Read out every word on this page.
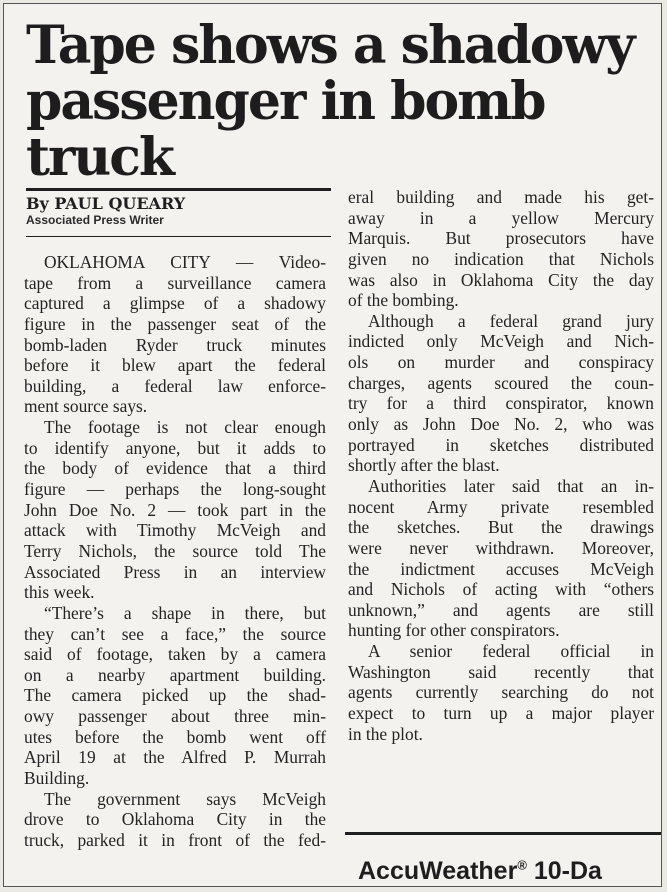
Tape shows a shadowy
passenger in bomb truck
By PAUL QUEARY
Associated Press Writer
OKLAHOMA CITY — Video-
tape from a surveillance camera
captured a glimpse of a shadowy
figure in the passenger seat of the
bomb-laden Ryder truck minutes
before it blew apart the federal
building, a federal law enforce-
ment source says.
The footage is not clear enough
to identify anyone, but it adds to
the body of evidence that a third
figure — perhaps the long-sought
John Doe No. 2 — took part in the
attack with Timothy McVeigh and
Terry Nichols, the source told The
Associated Press in an interview
this week.
“There’s a shape in there, but
they can’t see a face,” the source
said of footage, taken by a camera
on a nearby apartment building.
The camera picked up the shad-
owy passenger about three min-
utes before the bomb went off
April 19 at the Alfred P. Murrah
Building.
The government says McVeigh
drove to Oklahoma City in the
truck, parked it in front of the fed-
eral building and made his get-
away in a yellow Mercury
Marquis. But prosecutors have
given no indication that Nichols
was also in Oklahoma City the day
of the bombing.
Although a federal grand jury
indicted only McVeigh and Nich-
ols on murder and conspiracy
charges, agents scoured the coun-
try for a third conspirator, known
only as John Doe No. 2, who was
portrayed in sketches distributed
shortly after the blast.
Authorities later said that an in-
nocent Army private resembled
the sketches. But the drawings
were never withdrawn. Moreover,
the indictment accuses McVeigh
and Nichols of acting with “others
unknown,” and agents are still
hunting for other conspirators.
A senior federal official in
Washington said recently that
agents currently searching do not
expect to turn up a major player
in the plot.
AccuWeather® 10-Da
